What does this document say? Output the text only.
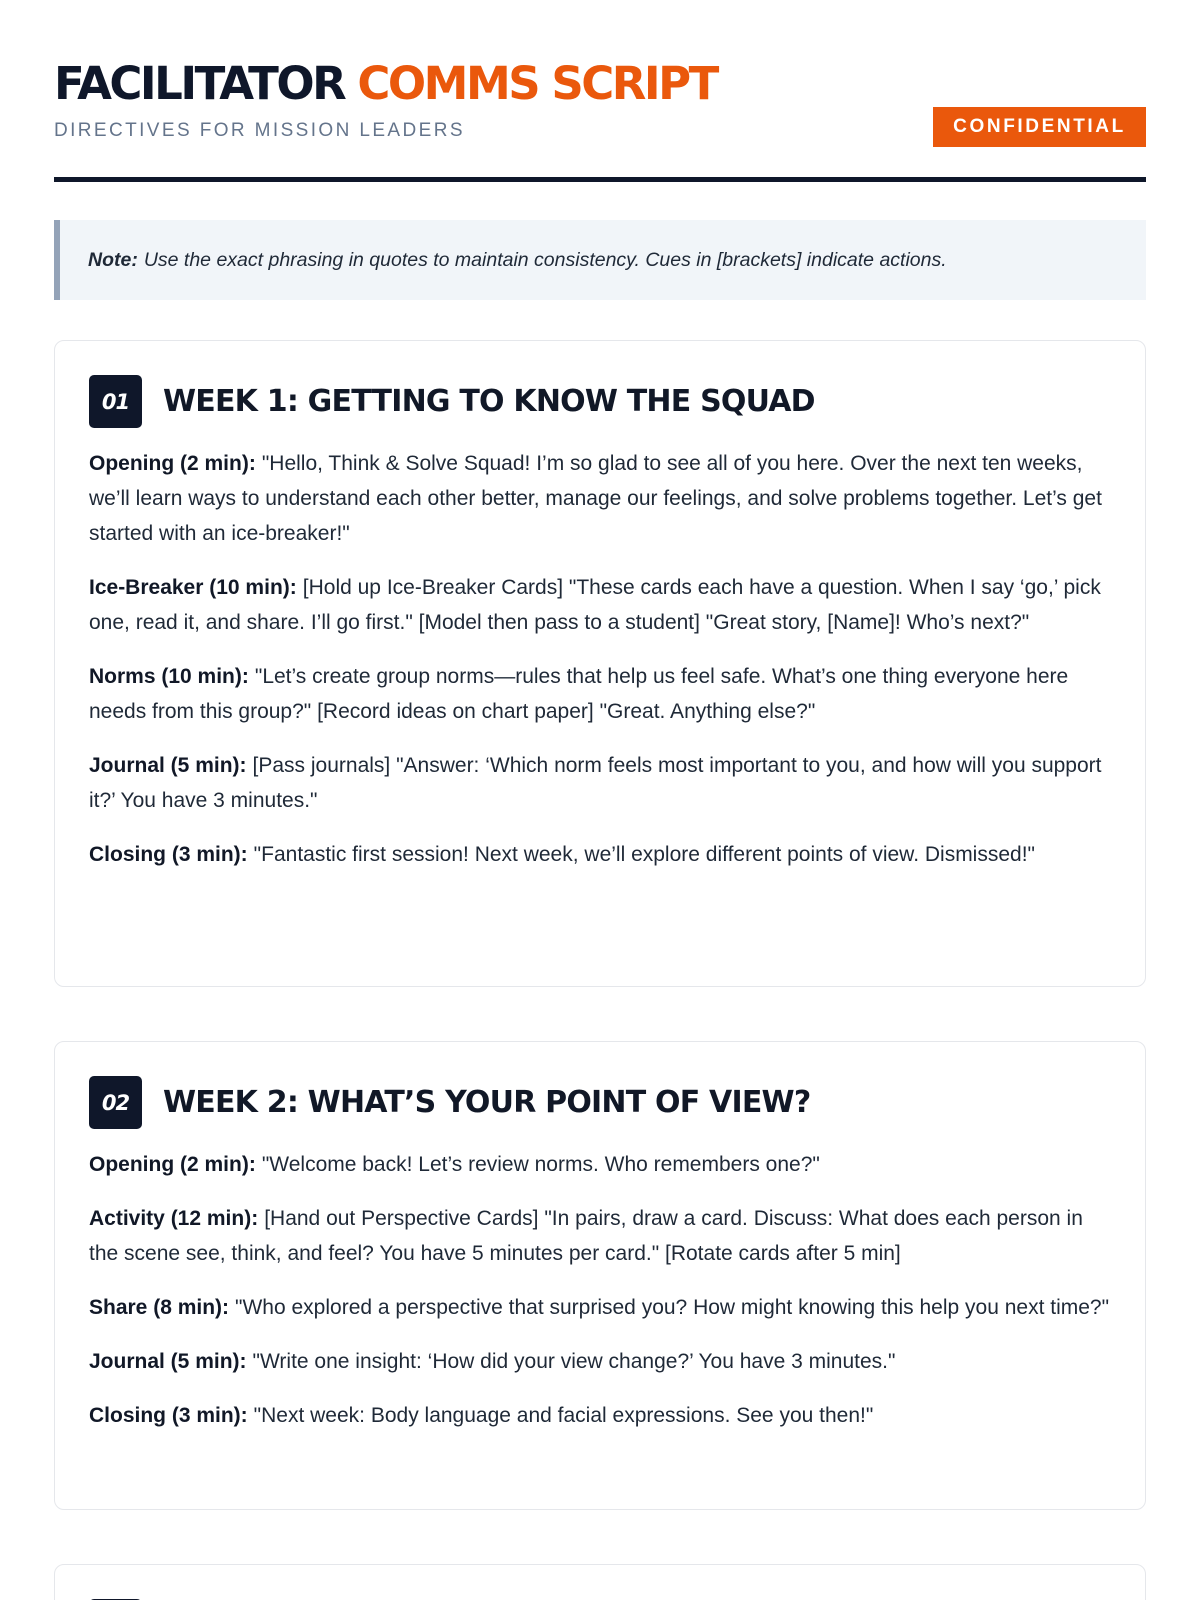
FACILITATOR COMMS SCRIPT
DIRECTIVES FOR MISSION LEADERS	CONFIDENTIAL
Note: Use the exact phrasing in quotes to maintain consistency. Cues in [brackets] indicate actions.
01	WEEK 1: GETTING TO KNOW THE SQUAD

Opening (2 min): "Hello, Think & Solve Squad! I’m so glad to see all of you here. Over the next ten weeks, we’ll learn ways to understand each other better, manage our feelings, and solve problems together. Let’s get started with an ice-breaker!"

Ice-Breaker (10 min): [Hold up Ice-Breaker Cards] "These cards each have a question. When I say ‘go,’ pick one, read it, and share. I’ll go first." [Model then pass to a student] "Great story, [Name]! Who’s next?"

Norms (10 min): "Let’s create group norms—rules that help us feel safe. What’s one thing everyone here needs from this group?" [Record ideas on chart paper] "Great. Anything else?"

Journal (5 min): [Pass journals] "Answer: ‘Which norm feels most important to you, and how will you support it?’ You have 3 minutes."

Closing (3 min): "Fantastic first session! Next week, we’ll explore different points of view. Dismissed!"

02	WEEK 2: WHAT’S YOUR POINT OF VIEW?

Opening (2 min): "Welcome back! Let’s review norms. Who remembers one?"

Activity (12 min): [Hand out Perspective Cards] "In pairs, draw a card. Discuss: What does each person in the scene see, think, and feel? You have 5 minutes per card." [Rotate cards after 5 min]

Share (8 min): "Who explored a perspective that surprised you? How might knowing this help you next time?"

Journal (5 min): "Write one insight: ‘How did your view change?’ You have 3 minutes."

Closing (3 min): "Next week: Body language and facial expressions. See you then!"
